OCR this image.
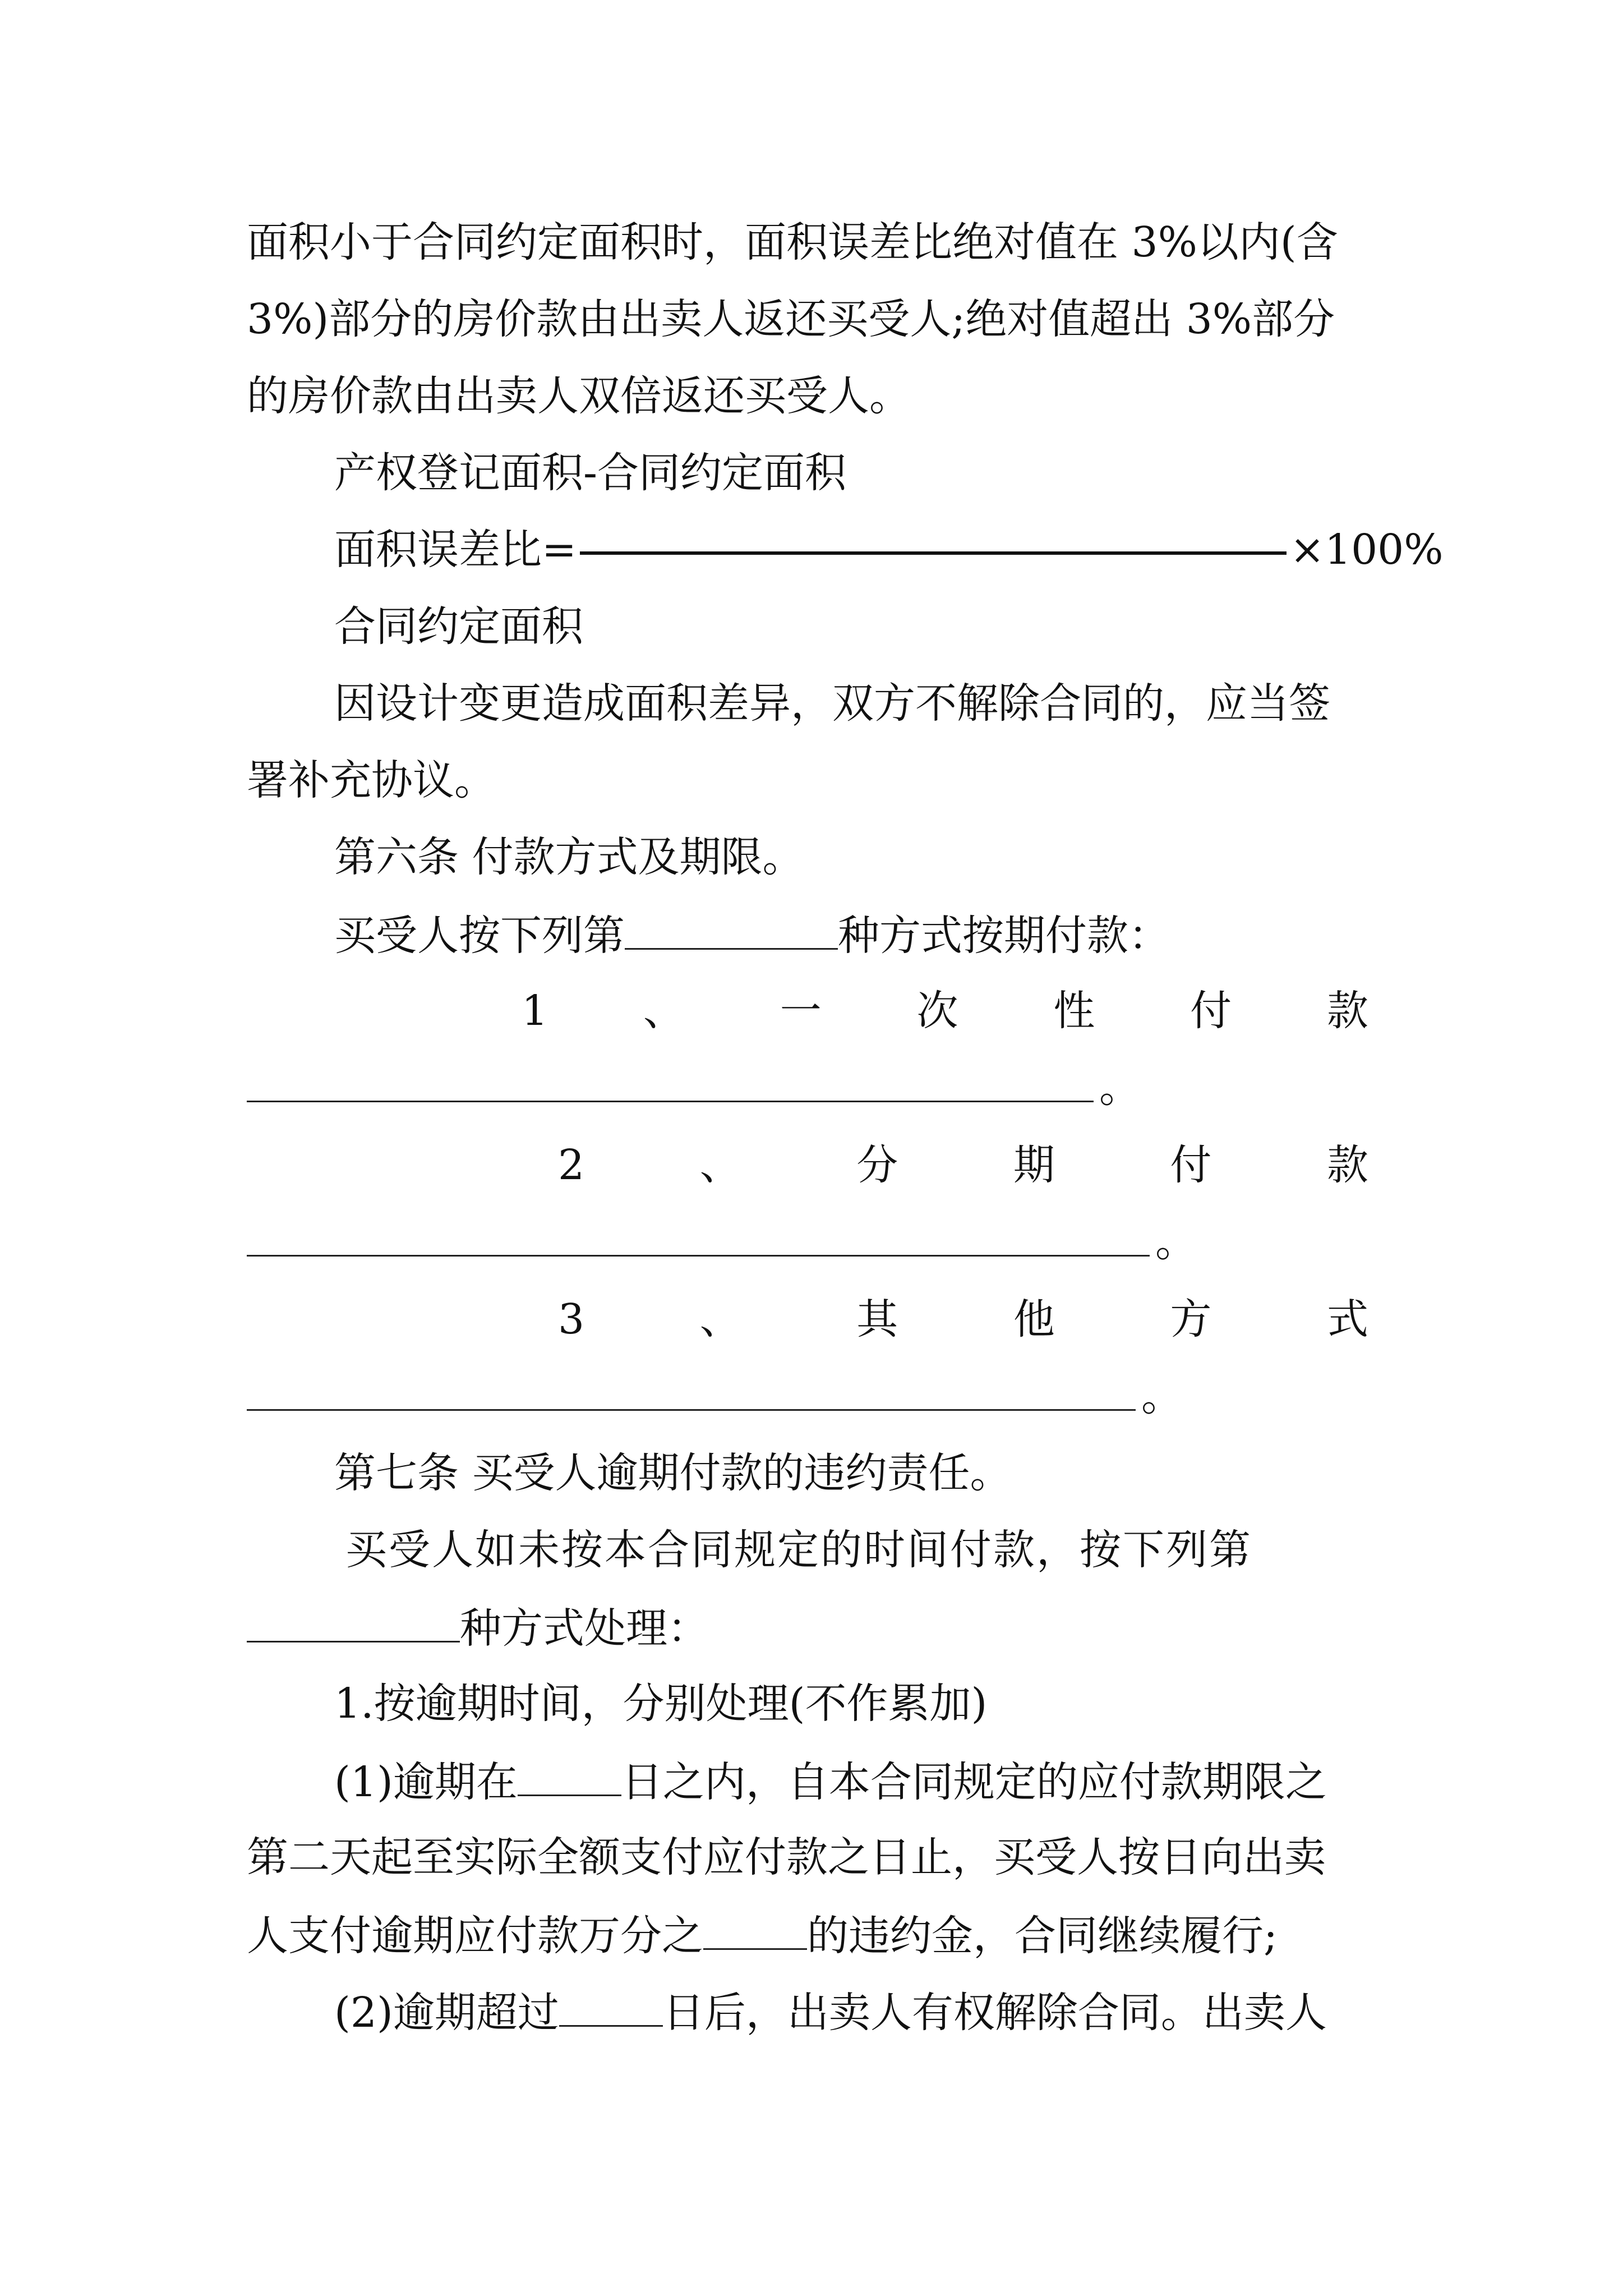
面积小于合同约定面积时，面积误差比绝对值在 3%以内(含
3%)部分的房价款由出卖人返还买受人;绝对值超出 3%部分
的房价款由出卖人双倍返还买受人。
产权登记面积-合同约定面积
面积误差比=	×100%
合同约定面积
因设计变更造成面积差异，双方不解除合同的，应当签
署补充协议。
第六条 付款方式及期限。
买受人按下列第	种方式按期付款：
1 、 一 次 性 付 款
。
2	、	分	期	付	款
。
3	、	其	他	方	式
。
第七条 买受人逾期付款的违约责任。
买受人如未按本合同规定的时间付款，按下列第
种方式处理：
1.按逾期时间，分别处理(不作累加)
(1)逾期在	日之内，自本合同规定的应付款期限之
第二天起至实际全额支付应付款之日止，买受人按日向出卖
人支付逾期应付款万分之	的违约金，合同继续履行;
(2)逾期超过	日后，出卖人有权解除合同。出卖人
